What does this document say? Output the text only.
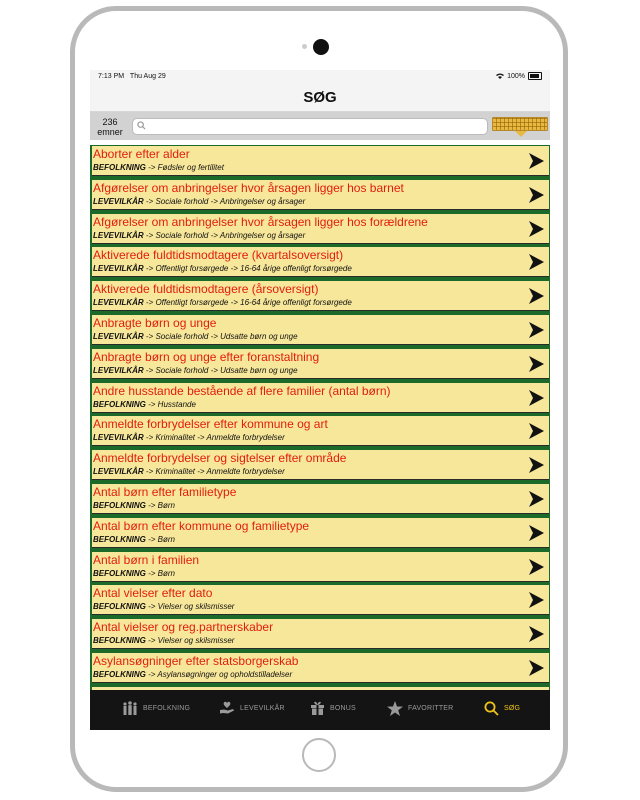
7:13 PM Thu Aug 29	100%
SØG
236
emner
Aborter efter alder
BEFOLKNING -> Fødsler og fertilitet
Afgørelser om anbringelser hvor årsagen ligger hos barnet
LEVEVILKÅR -> Sociale forhold -> Anbringelser og årsager
Afgørelser om anbringelser hvor årsagen ligger hos forældrene
LEVEVILKÅR -> Sociale forhold -> Anbringelser og årsager
Aktiverede fuldtidsmodtagere (kvartalsoversigt)
LEVEVILKÅR -> Offentligt forsørgede -> 16-64 årige offenligt forsørgede
Aktiverede fuldtidsmodtagere (årsoversigt)
LEVEVILKÅR -> Offentligt forsørgede -> 16-64 årige offenligt forsørgede
Anbragte børn og unge
LEVEVILKÅR -> Sociale forhold -> Udsatte børn og unge
Anbragte børn og unge efter foranstaltning
LEVEVILKÅR -> Sociale forhold -> Udsatte børn og unge
Andre husstande bestående af flere familier (antal børn)
BEFOLKNING -> Husstande
Anmeldte forbrydelser efter kommune og art
LEVEVILKÅR -> Kriminalitet -> Anmeldte forbrydelser
Anmeldte forbrydelser og sigtelser efter område
LEVEVILKÅR -> Kriminalitet -> Anmeldte forbrydelser
Antal børn efter familietype
BEFOLKNING -> Børn
Antal børn efter kommune og familietype
BEFOLKNING -> Børn
Antal børn i familien
BEFOLKNING -> Børn
Antal vielser efter dato
BEFOLKNING -> Vielser og skilsmisser
Antal vielser og reg.partnerskaber
BEFOLKNING -> Vielser og skilsmisser
Asylansøgninger efter statsborgerskab
BEFOLKNING -> Asylansøgninger og opholdstilladelser
BEFOLKNING	LEVEVILKÅR	BONUS	FAVORITTER	SØG
